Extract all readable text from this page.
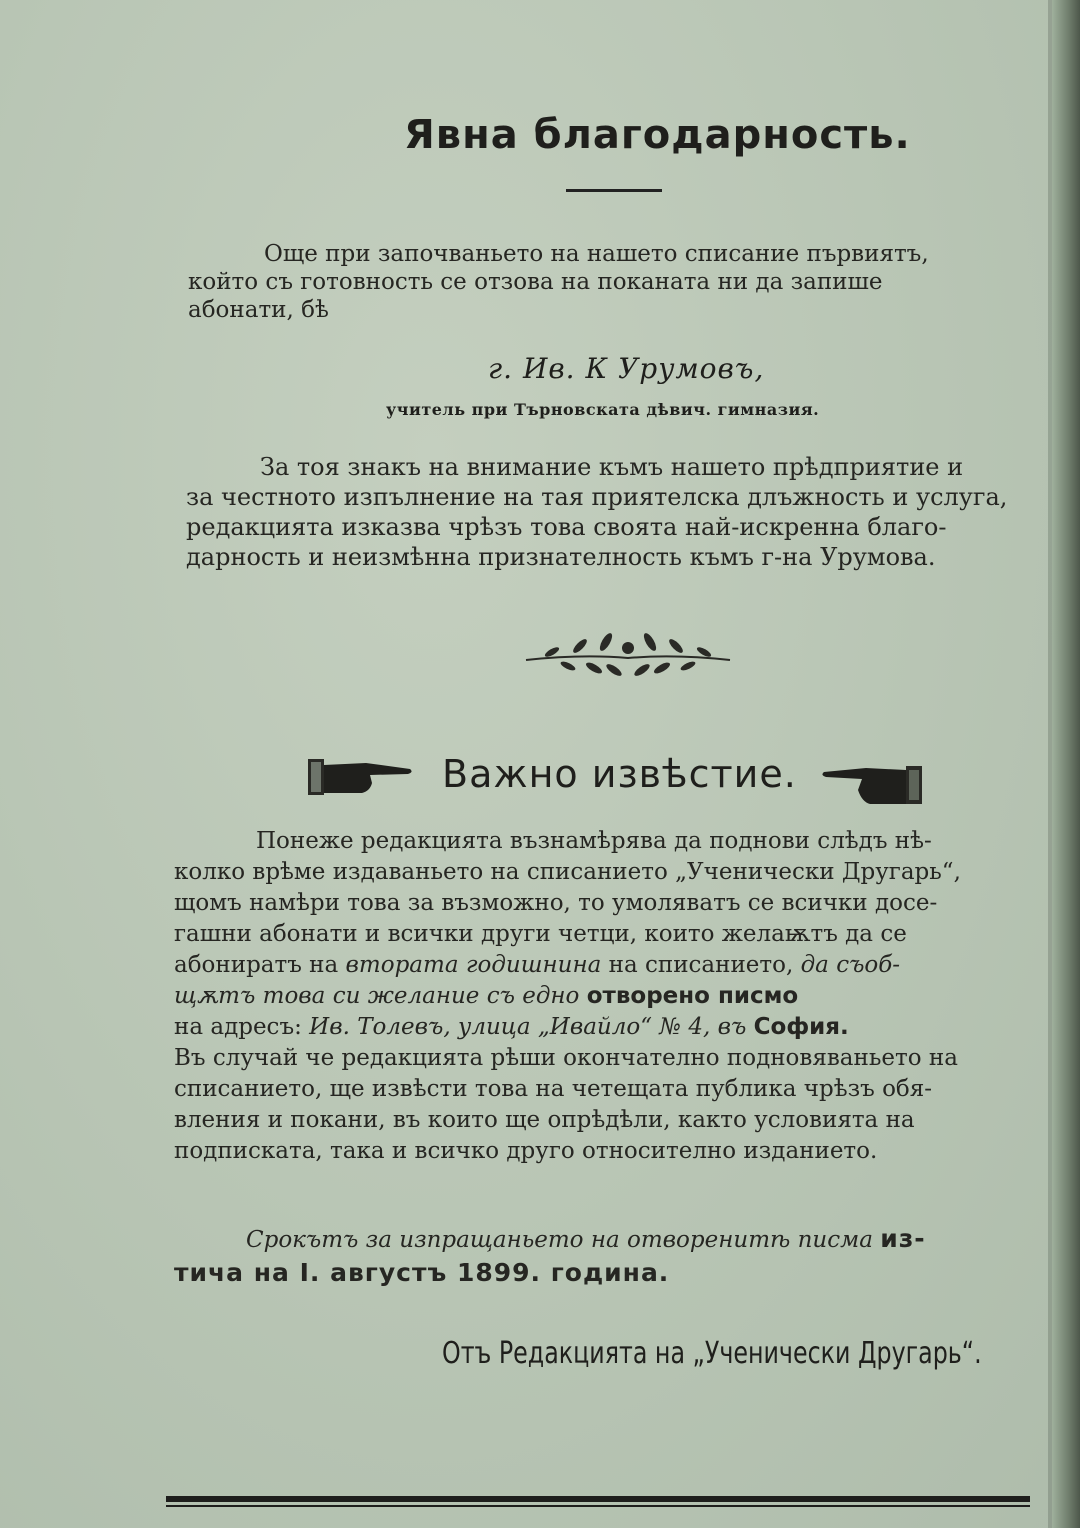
Явна благодарность.
Още при започваньето на нашето списание първиятъ,
който съ готовность се отзова на поканата ни да запише
абонати, бѣ
г. Ив. К Урумовъ,
учитель при Търновската дѣвич. гимназия.
За тоя знакъ на внимание къмъ нашето прѣдприятие и
за честното изпълнение на тая приятелска длъжность и услуга,
редакцията изказва чрѣзъ това своята най-искренна благо-
дарность и неизмѣнна признателность къмъ г-на Урумова.
Важно извѣстие.
Понеже редакцията възнамѣрява да поднови слѣдъ нѣ-
колко врѣме издаваньето на списанието „Ученически Другарь“,
щомъ намѣри това за възможно, то умоляватъ се всички досе-
гашни абонати и всички други четци, които желаѭтъ да се
абониратъ на втората годишнина на списанието, да съоб-
щѫтъ това си желание съ едно отворено писмо
на адресъ: Ив. Толевъ, улица „Ивайло“ № 4, въ София.
Въ случай че редакцията рѣши окончателно подновяваньето на
списанието, ще извѣсти това на четещата публика чрѣзъ обя-
вления и покани, въ които ще опрѣдѣли, както условията на
подписката, така и всичко друго относително изданието.
Срокътъ за изпращаньето на отворенитѣ писма из-
тича на I. августъ 1899. година.
Отъ Редакцията на „Ученически Другарь“.
